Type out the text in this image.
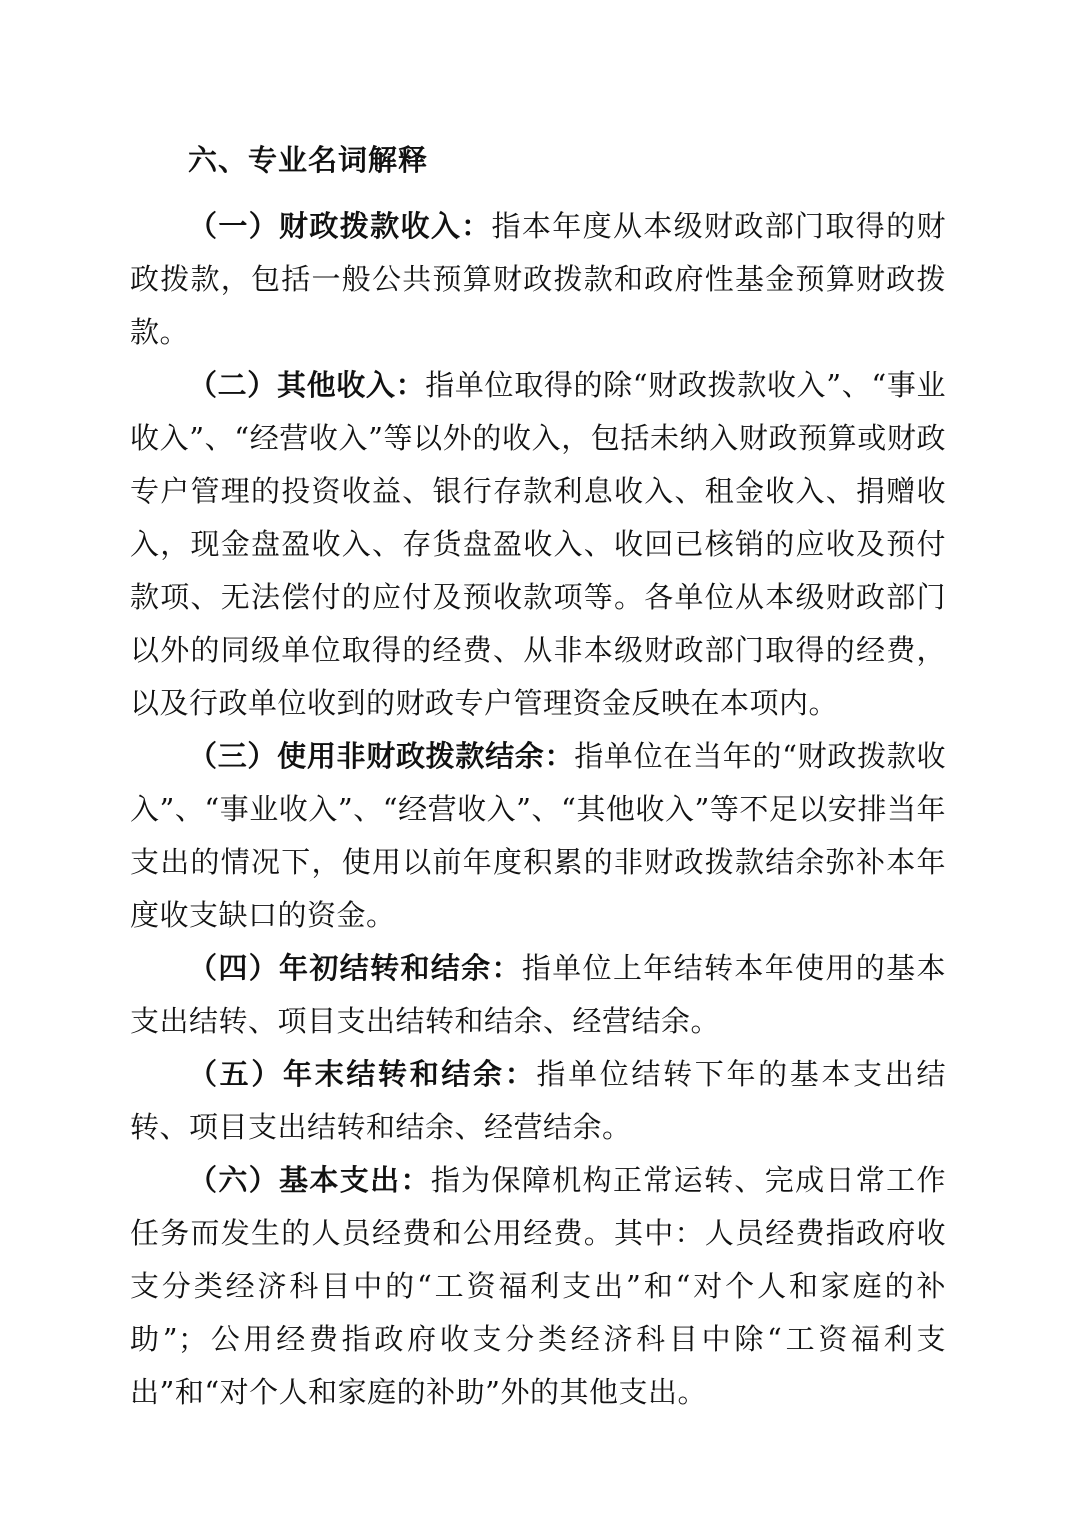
六、专业名词解释

（一）财政拨款收入：指本年度从本级财政部门取得的财政拨款，包括一般公共预算财政拨款和政府性基金预算财政拨款。

（二）其他收入：指单位取得的除“财政拨款收入”、“事业收入”、“经营收入”等以外的收入，包括未纳入财政预算或财政专户管理的投资收益、银行存款利息收入、租金收入、捐赠收入，现金盘盈收入、存货盘盈收入、收回已核销的应收及预付款项、无法偿付的应付及预收款项等。各单位从本级财政部门以外的同级单位取得的经费、从非本级财政部门取得的经费，以及行政单位收到的财政专户管理资金反映在本项内。

（三）使用非财政拨款结余：指单位在当年的“财政拨款收入”、“事业收入”、“经营收入”、“其他收入”等不足以安排当年支出的情况下，使用以前年度积累的非财政拨款结余弥补本年度收支缺口的资金。

（四）年初结转和结余：指单位上年结转本年使用的基本支出结转、项目支出结转和结余、经营结余。

（五）年末结转和结余：指单位结转下年的基本支出结转、项目支出结转和结余、经营结余。

（六）基本支出：指为保障机构正常运转、完成日常工作任务而发生的人员经费和公用经费。其中：人员经费指政府收支分类经济科目中的“工资福利支出”和“对个人和家庭的补助”；公用经费指政府收支分类经济科目中除“工资福利支出”和“对个人和家庭的补助”外的其他支出。
